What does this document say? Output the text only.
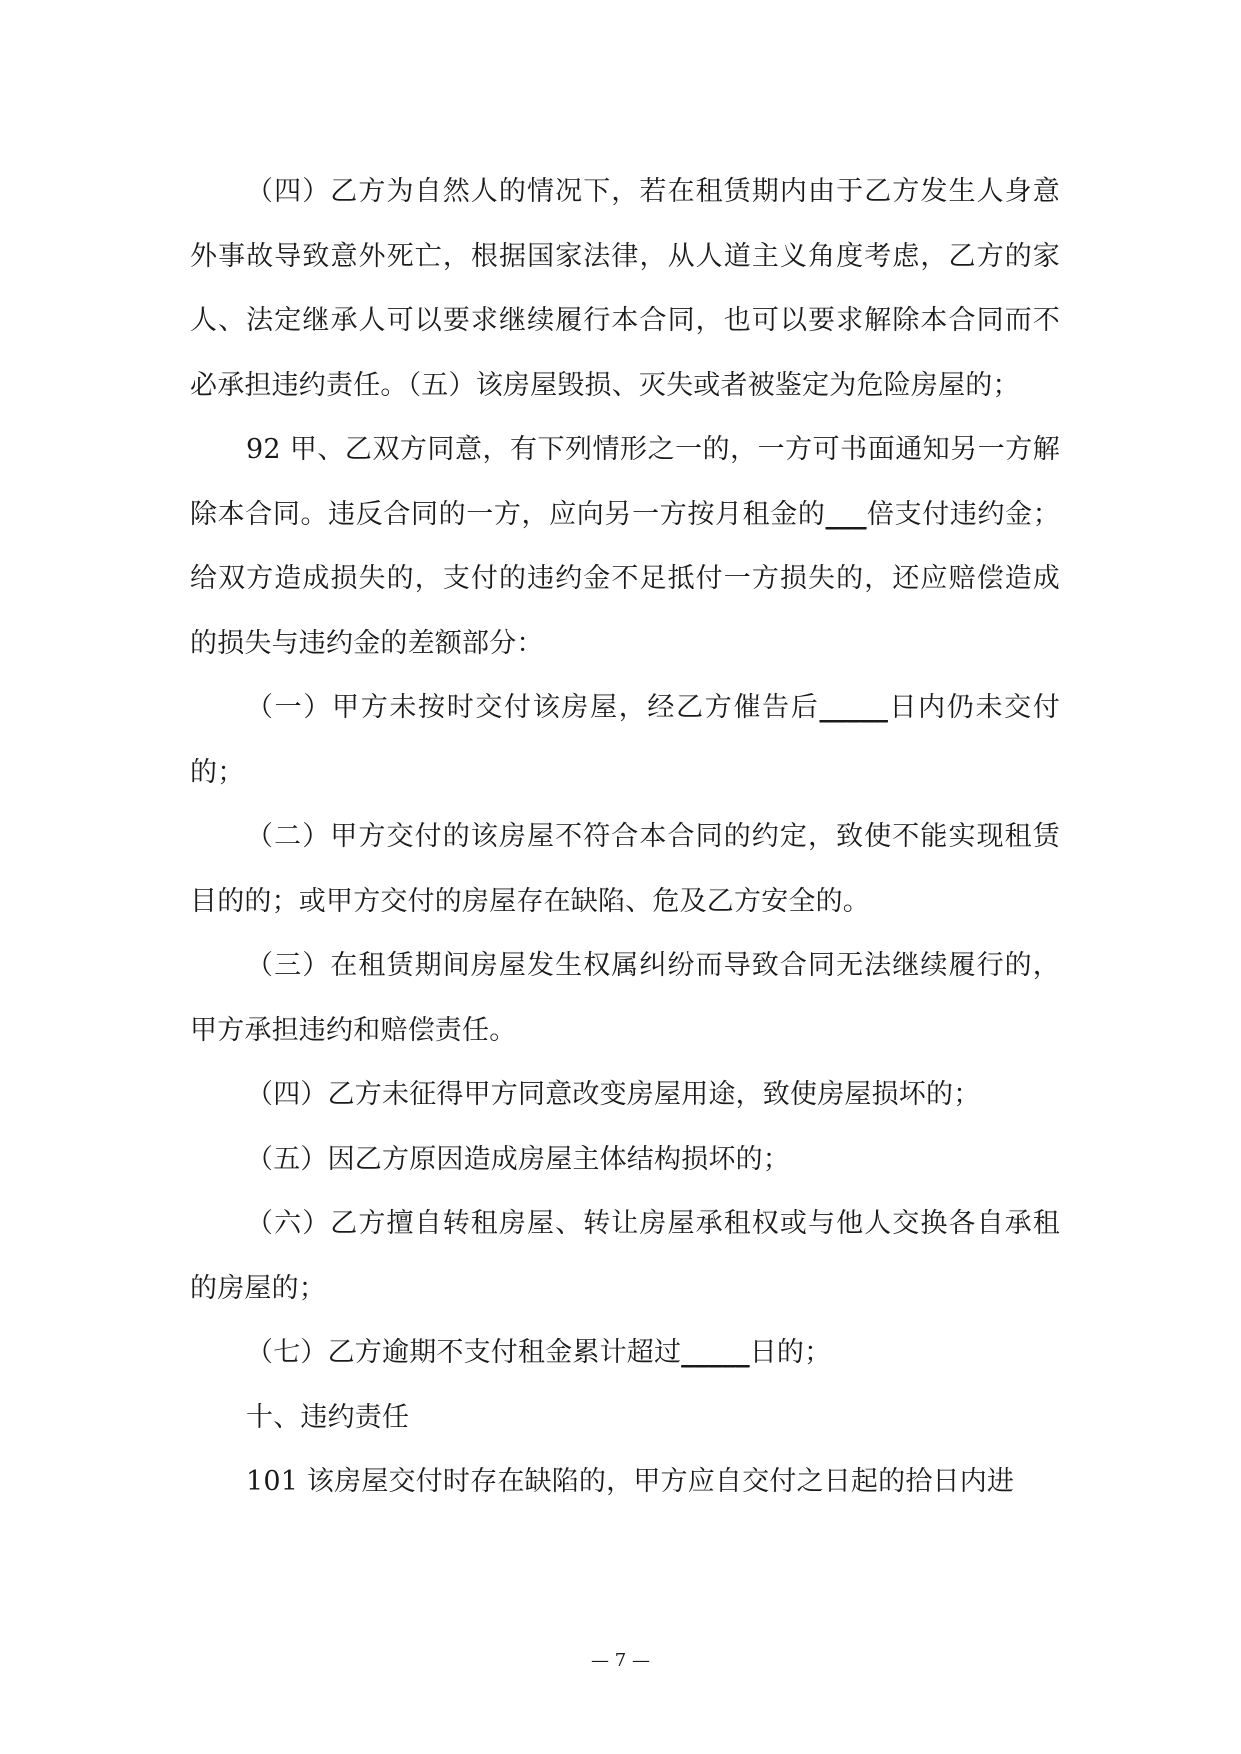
（四）乙方为自然人的情况下，若在租赁期内由于乙方发生人身意外事故导致意外死亡，根据国家法律，从人道主义角度考虑，乙方的家人、法定继承人可以要求继续履行本合同，也可以要求解除本合同而不必承担违约责任。（五）该房屋毁损、灭失或者被鉴定为危险房屋的；

92 甲、乙双方同意，有下列情形之一的，一方可书面通知另一方解除本合同。违反合同的一方，应向另一方按月租金的___倍支付违约金；给双方造成损失的，支付的违约金不足抵付一方损失的，还应赔偿造成的损失与违约金的差额部分：

（一）甲方未按时交付该房屋，经乙方催告后_____日内仍未交付的；

（二）甲方交付的该房屋不符合本合同的约定，致使不能实现租赁目的的；或甲方交付的房屋存在缺陷、危及乙方安全的。

（三）在租赁期间房屋发生权属纠纷而导致合同无法继续履行的，甲方承担违约和赔偿责任。

（四）乙方未征得甲方同意改变房屋用途，致使房屋损坏的；

（五）因乙方原因造成房屋主体结构损坏的；

（六）乙方擅自转租房屋、转让房屋承租权或与他人交换各自承租的房屋的；

（七）乙方逾期不支付租金累计超过_____日的；

十、违约责任

101 该房屋交付时存在缺陷的，甲方应自交付之日起的拾日内进

— 7 —
